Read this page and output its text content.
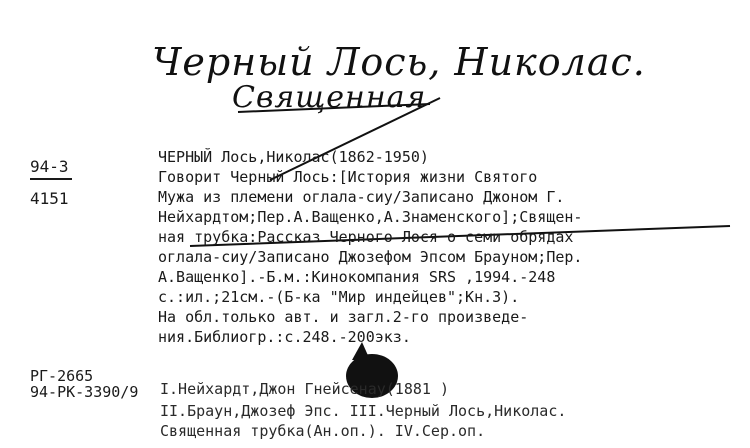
Черный Лось, Николас.
Священная
94-3
4151
ЧЕРНЫЙ Лось,Николас(1862-1950)
Говорит Черный Лось:[История жизни Святого
Мужа из племени оглала-сиу/Записано Джоном Г.
Нейхардтом;Пер.А.Ващенко,А.Знаменского];Священ-
ная трубка:Рассказ Черного Лося о семи обрядах
оглала-сиу/Записано Джозефом Эпсом Брауном;Пер.
А.Ващенко].-Б.м.:Кинокомпания SRS ,1994.-248
с.:ил.;21см.-(Б-ка "Мир индейцев";Кн.3).
На обл.только авт. и загл.2-го произведе-
ния.Библиогр.:с.248.-200экз.
РГ-2665
94-РК-3390/9 I.Нейхардт,Джон Гнейсенау(1881 )
II.Браун,Джозеф Эпс. III.Черный Лось,Николас.
Священная трубка(Ан.оп.). IV.Сер.оп.
